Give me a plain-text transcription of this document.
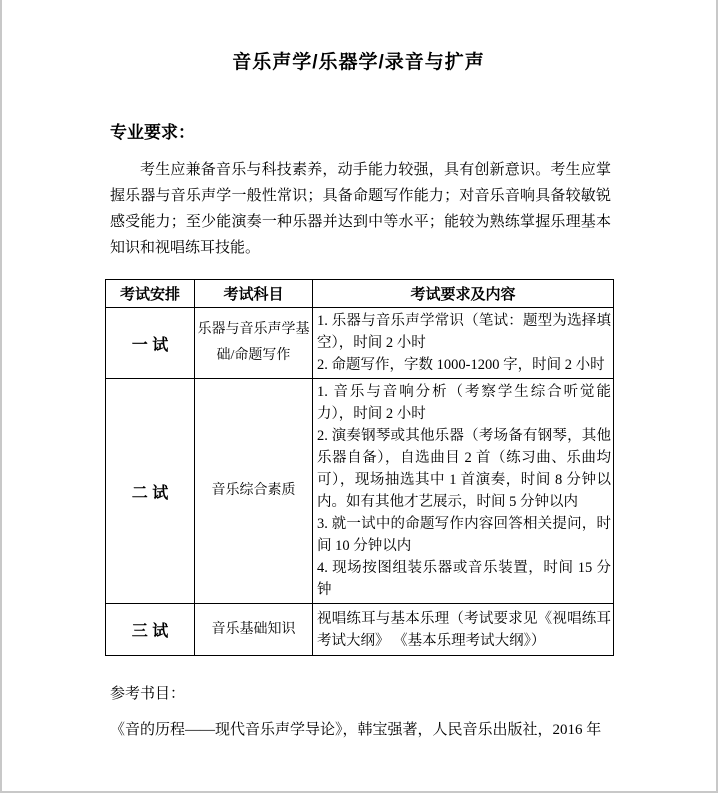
音乐声学/乐器学/录音与扩声
专业要求：

考生应兼备音乐与科技素养，动手能力较强，具有创新意识。考生应掌握乐器与音乐声学一般性常识；具备命题写作能力；对音乐音响具备较敏锐感受能力；至少能演奏一种乐器并达到中等水平；能较为熟练掌握乐理基本知识和视唱练耳技能。

考试安排	考试科目	考试要求及内容
一 试	乐器与音乐声学基础/命题写作	1. 乐器与音乐声学常识（笔试：题型为选择填空），时间 2 小时
2. 命题写作，字数 1000-1200 字，时间 2 小时

二 试	音乐综合素质	1. 音乐与音响分析（考察学生综合听觉能力），时间 2 小时
2. 演奏钢琴或其他乐器（考场备有钢琴，其他乐器自备），自选曲目 2 首（练习曲、乐曲均可），现场抽选其中 1 首演奏，时间 8 分钟以内。如有其他才艺展示，时间 5 分钟以内
3. 就一试中的命题写作内容回答相关提问，时间 10 分钟以内
4. 现场按图组装乐器或音乐装置，时间 15 分钟

三 试	音乐基础知识	视唱练耳与基本乐理（考试要求见《视唱练耳考试大纲》 《基本乐理考试大纲》）
参考书目：
《音的历程——现代音乐声学导论》，韩宝强著，人民音乐出版社，2016 年
